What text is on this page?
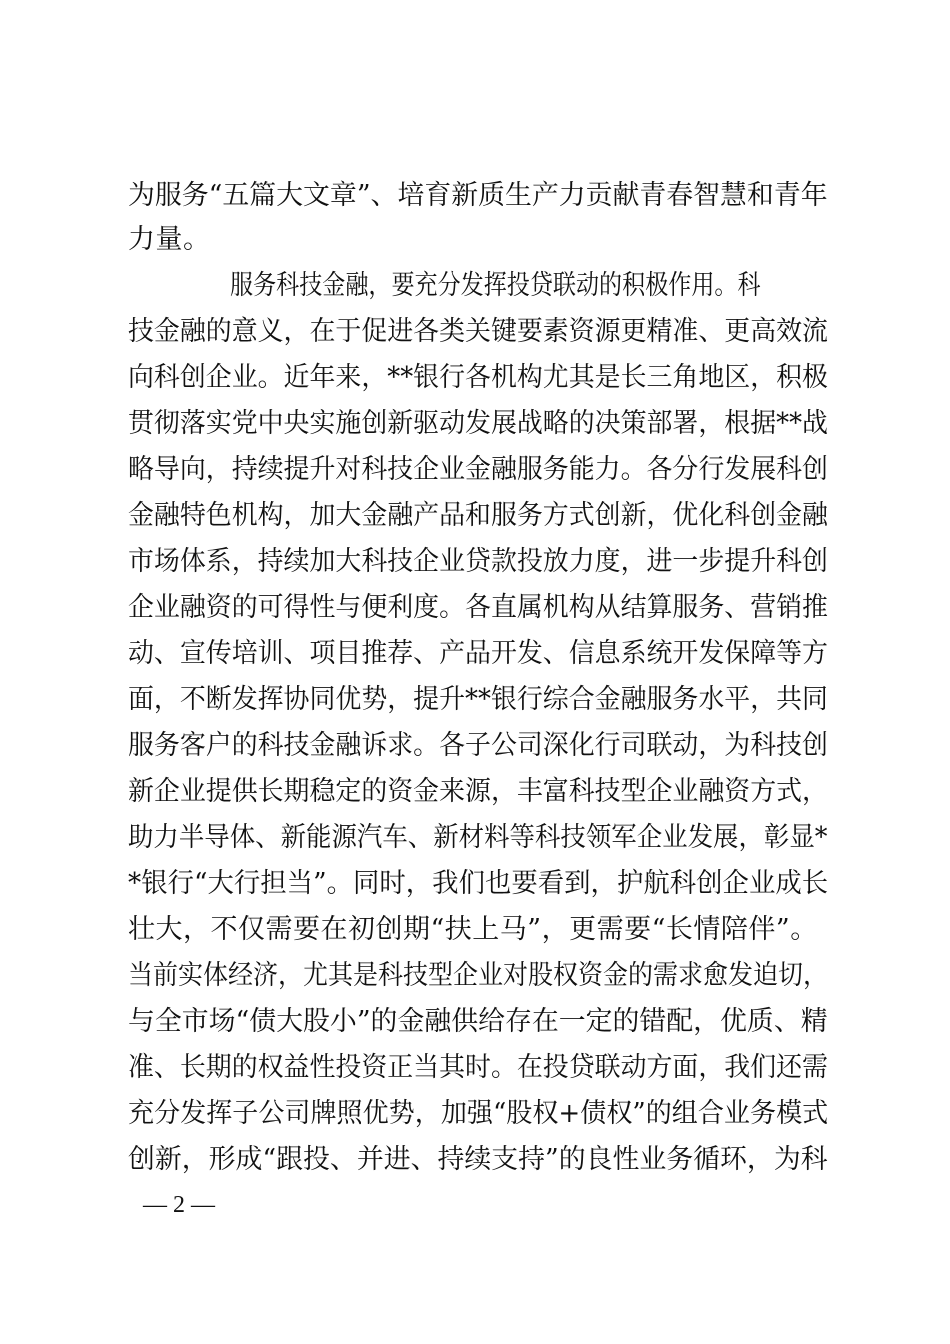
为服务“五篇大文章”、培育新质生产力贡献青春智慧和青年
力量。
服务科技金融，要充分发挥投贷联动的积极作用。科
技金融的意义，在于促进各类关键要素资源更精准、更高效流
向科创企业。近年来，**银行各机构尤其是长三角地区，积极
贯彻落实党中央实施创新驱动发展战略的决策部署，根据**战
略导向，持续提升对科技企业金融服务能力。各分行发展科创
金融特色机构，加大金融产品和服务方式创新，优化科创金融
市场体系，持续加大科技企业贷款投放力度，进一步提升科创
企业融资的可得性与便利度。各直属机构从结算服务、营销推
动、宣传培训、项目推荐、产品开发、信息系统开发保障等方
面，不断发挥协同优势，提升**银行综合金融服务水平，共同
服务客户的科技金融诉求。各子公司深化行司联动，为科技创
新企业提供长期稳定的资金来源，丰富科技型企业融资方式，
助力半导体、新能源汽车、新材料等科技领军企业发展，彰显*
*银行“大行担当”。同时，我们也要看到，护航科创企业成长
壮大，不仅需要在初创期“扶上马”，更需要“长情陪伴”。
当前实体经济，尤其是科技型企业对股权资金的需求愈发迫切，
与全市场“债大股小”的金融供给存在一定的错配，优质、精
准、长期的权益性投资正当其时。在投贷联动方面，我们还需
充分发挥子公司牌照优势，加强“股权+债权”的组合业务模式
创新，形成“跟投、并进、持续支持”的良性业务循环，为科
— 2 —
